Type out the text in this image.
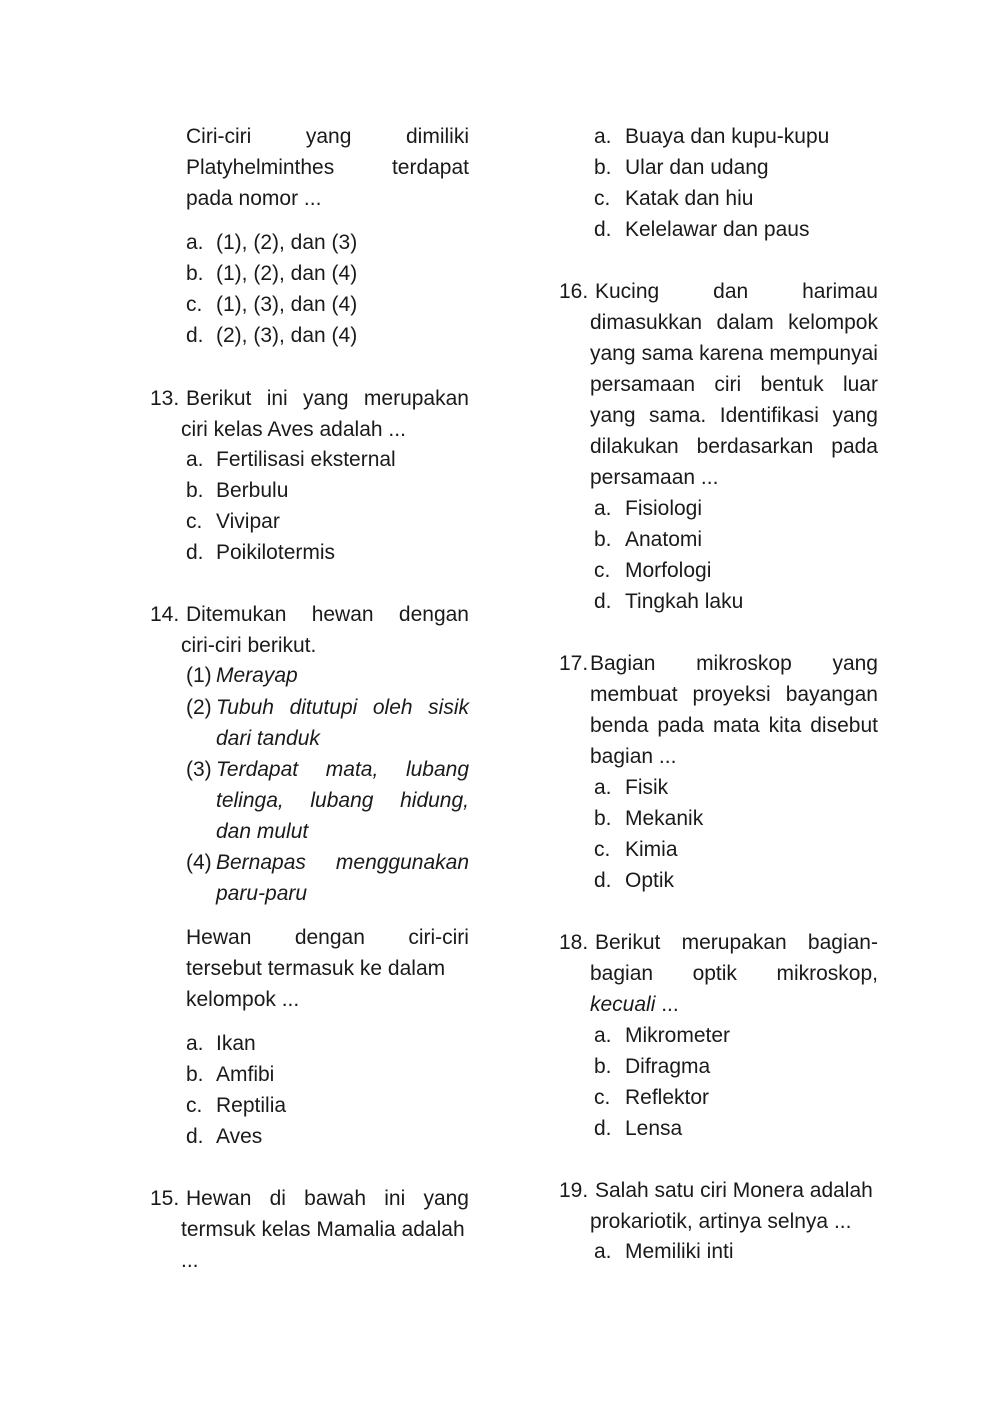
Ciri-ciri	yang	dimiliki
Platyhelminthes	terdapat
pada nomor ...
a. (1), (2), dan (3)
b. (1), (2), dan (4)
c. (1), (3), dan (4)
d. (2), (3), dan (4)
13. Berikut ini yang merupakan
ciri kelas Aves adalah ...
a. Fertilisasi eksternal
b. Berbulu
c. Vivipar
d. Poikilotermis
14. Ditemukan hewan dengan
ciri-ciri berikut.
(1) Merayap
(2) Tubuh ditutupi oleh sisik
dari tanduk
(3) Terdapat mata, lubang
telinga, lubang hidung,
dan mulut
(4) Bernapas menggunakan
paru-paru
Hewan dengan ciri-ciri
tersebut termasuk ke dalam
kelompok ...
a. Ikan
b. Amfibi
c. Reptilia
d. Aves
15. Hewan di bawah ini yang
termsuk kelas Mamalia adalah
...
a. Buaya dan kupu-kupu
b. Ular dan udang
c. Katak dan hiu
d. Kelelawar dan paus
16. Kucing	dan	harimau
dimasukkan dalam kelompok
yang sama karena mempunyai
persamaan ciri bentuk luar
yang sama. Identifikasi yang
dilakukan berdasarkan pada
persamaan ...
a. Fisiologi
b. Anatomi
c. Morfologi
d. Tingkah laku
17. Bagian mikroskop yang
membuat proyeksi bayangan
benda pada mata kita disebut
bagian ...
a. Fisik
b. Mekanik
c. Kimia
d. Optik
18. Berikut merupakan bagian-
bagian optik mikroskop,
kecuali ...
a. Mikrometer
b. Difragma
c. Reflektor
d. Lensa
19. Salah satu ciri Monera adalah
prokariotik, artinya selnya ...
a. Memiliki inti
